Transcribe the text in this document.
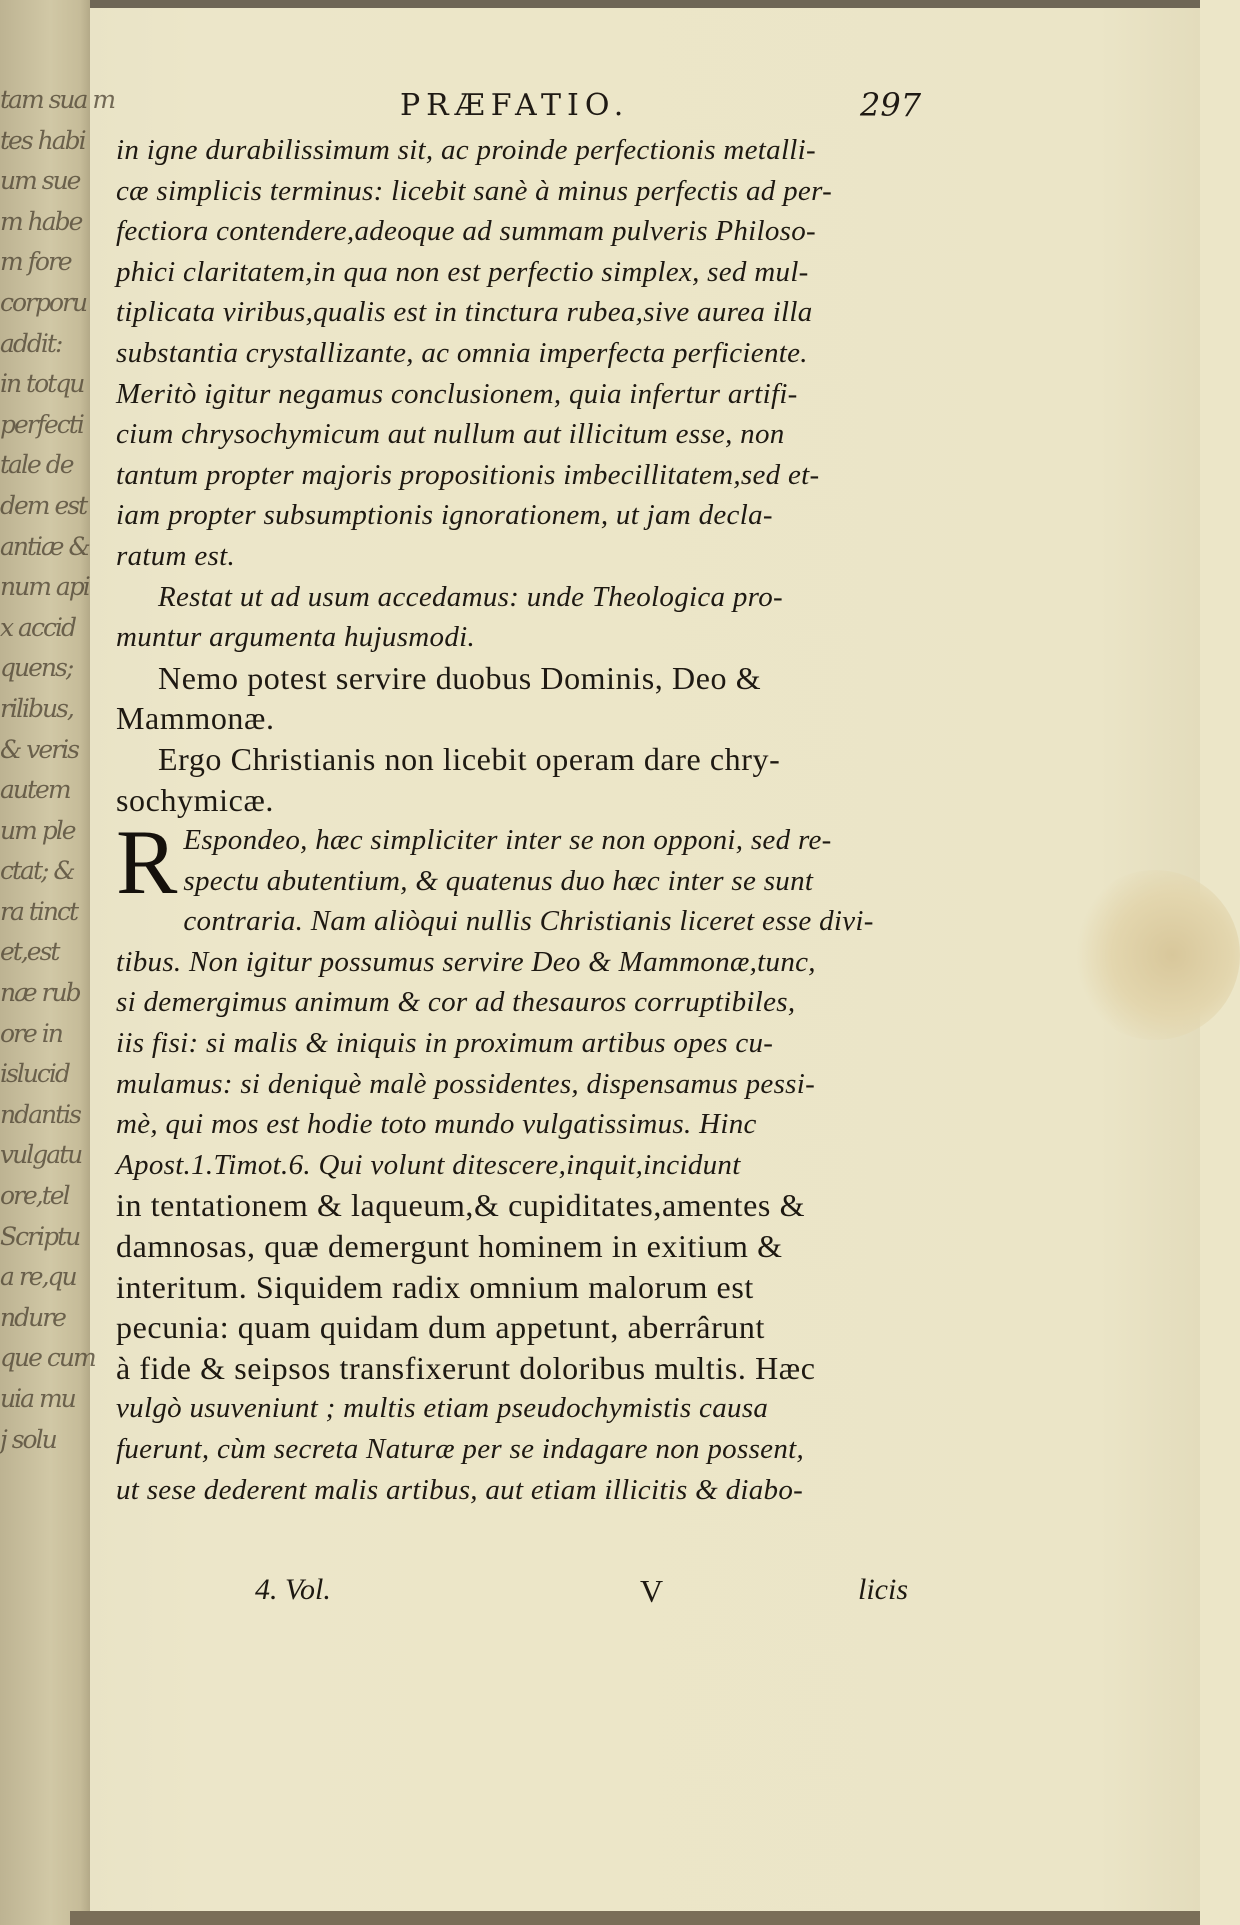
tam sua m
tes habi
um sue
m habe
m fore
corporu
addit:
in totqu
perfecti
tale de
dem est
antiæ &
num api
x accid
quens;
rilibus,
& veris
autem
um ple
ctat; &
ra tinct
et,est
næ rub
ore in
islucid
ndantis
vulgatu
ore,tel
Scriptu
a re,qu
ndure
que cum
uia mu
j solu
PRÆFATIO.	297
in igne durabilissimum sit, ac proinde perfectionis metalli-
cæ simplicis terminus: licebit sanè à minus perfectis ad per-
fectiora contendere,adeoque ad summam pulveris Philoso-
phici claritatem,in qua non est perfectio simplex, sed mul-
tiplicata viribus,qualis est in tinctura rubea,sive aurea illa
substantia crystallizante, ac omnia imperfecta perficiente.
Meritò igitur negamus conclusionem, quia infertur artifi-
cium chrysochymicum aut nullum aut illicitum esse, non
tantum propter majoris propositionis imbecillitatem,sed et-
iam propter subsumptionis ignorationem, ut jam decla-
ratum est.
Restat ut ad usum accedamus: unde Theologica pro-
muntur argumenta hujusmodi.
Nemo potest servire duobus Dominis, Deo &
Mammonæ.
Ergo Christianis non licebit operam dare chry-
sochymicæ.
R Espondeo, hæc simpliciter inter se non opponi, sed re-
spectu abutentium, & quatenus duo hæc inter se sunt
contraria. Nam aliòqui nullis Christianis liceret esse divi-
tibus. Non igitur possumus servire Deo & Mammonæ,tunc,
si demergimus animum & cor ad thesauros corruptibiles,
iis fisi: si malis & iniquis in proximum artibus opes cu-
mulamus: si deniquè malè possidentes, dispensamus pessi-
mè, qui mos est hodie toto mundo vulgatissimus. Hinc
Apost.1.Timot.6. Qui volunt ditescere,inquit,incidunt
in tentationem & laqueum,& cupiditates,amentes &
damnosas, quæ demergunt hominem in exitium &
interitum. Siquidem radix omnium malorum est
pecunia: quam quidam dum appetunt, aberrârunt
à fide & seipsos transfixerunt doloribus multis. Hæc
vulgò usuveniunt ; multis etiam pseudochymistis causa
fuerunt, cùm secreta Naturæ per se indagare non possent,
ut sese dederent malis artibus, aut etiam illicitis & diabo-
4. Vol.	V	licis
